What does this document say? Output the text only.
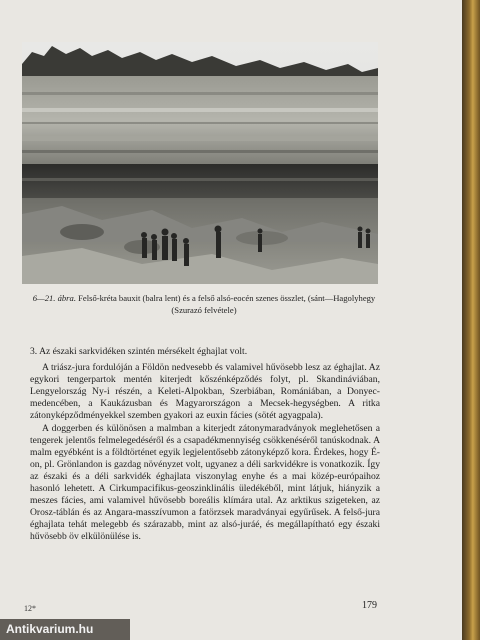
6—21. ábra. Felső-kréta bauxit (balra lent) és a felső alsó-eocén szenes összlet, (sánt—Hagolyhegy
(Szurazó felvétele)

3. Az északi sarkvidéken szintén mérsékelt éghajlat volt.

A triász-jura fordulóján a Földön nedvesebb és valamivel hűvösebb lesz az éghajlat. Az egykori tengerpartok mentén kiterjedt kőszénképződés folyt, pl. Skandináviában, Lengyelország Ny-i részén, a Keleti-Alpokban, Szerbiában, Romániában, a Donyec-medencében, a Kaukázusban és Magyarországon a Mecsek-hegységben. A ritka zátonyképződményekkel szemben gyakori az euxin fácies (sötét agyagpala).

A doggerben és különösen a malmban a kiterjedt zátonymaradványok meglehetősen a tengerek jelentős felmelegedéséről és a csapadékmennyiség csökkenéséről tanúskodnak. A malm egyébként is a földtörténet egyik legjelentősebb zátonyképző kora. Érdekes, hogy É-on, pl. Grönlandon is gazdag növényzet volt, ugyanez a déli sarkvidékre is vonatkozik. Így az északi és a déli sarkvidék éghajlata viszonylag enyhe és a mai közép-európaihoz hasonló lehetett. A Cirkumpacifikus-geoszinklinális üledékéből, mint látjuk, hiányzik a meszes fácies, ami valamivel hűvösebb boreális klímára utal. Az arktikus szigeteken, az Orosz-táblán és az Angara-masszívumon a fatörzsek maradványai egyűrűsek. A felső-jura éghajlata tehát melegebb és szárazabb, mint az alsó-juráé, és megállapítható egy északi hűvösebb öv elkülönülése is.

12*	179
Antikvarium.hu
